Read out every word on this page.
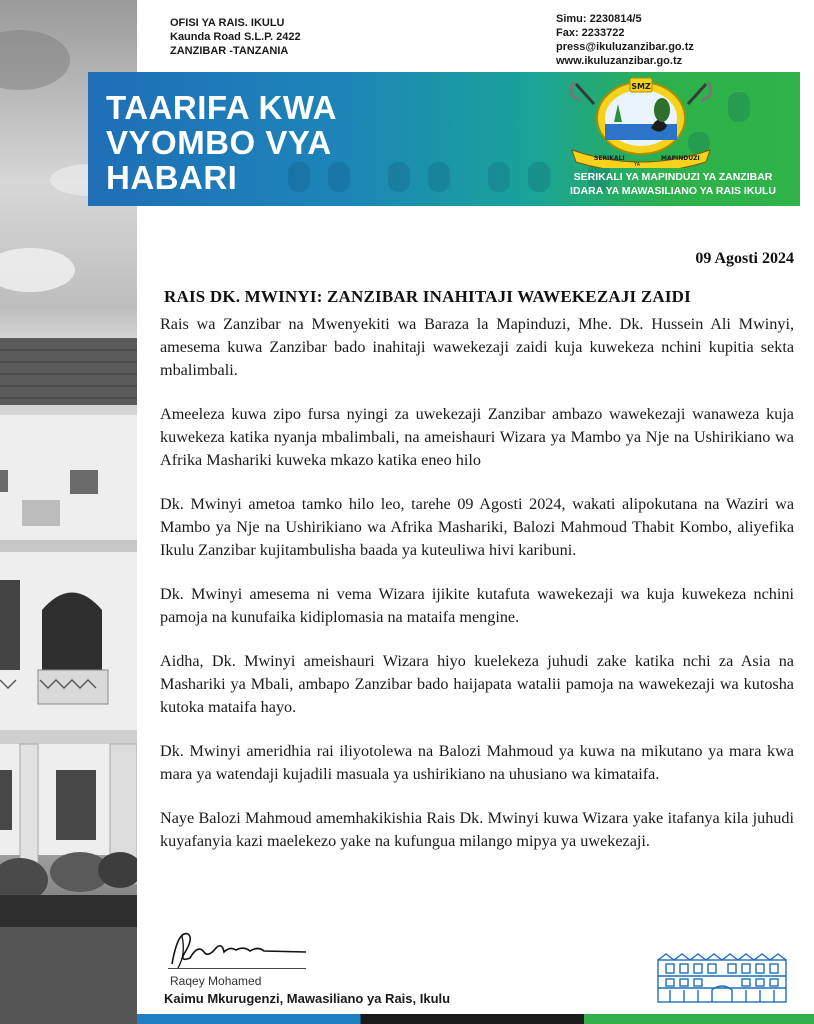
OFISI YA RAIS. IKULU
Kaunda Road S.L.P. 2422
ZANZIBAR -TANZANIA
Simu: 2230814/5
Fax: 2233722
press@ikuluzanzibar.go.tz
www.ikuluzanzibar.go.tz
TAARIFA KWA
VYOMBO VYA
HABARI
SMZ
SERIKALI
YA
MAPINDUZI
SERIKALI YA MAPINDUZI YA ZANZIBAR
IDARA YA MAWASILIANO YA RAIS IKULU
09 Agosti 2024
RAIS DK. MWINYI: ZANZIBAR INAHITAJI WAWEKEZAJI ZAIDI

Rais wa Zanzibar na Mwenyekiti wa Baraza la Mapinduzi, Mhe. Dk. Hussein Ali Mwinyi, amesema kuwa Zanzibar bado inahitaji wawekezaji zaidi kuja kuwekeza nchini kupitia sekta mbalimbali.

Ameeleza kuwa zipo fursa nyingi za uwekezaji Zanzibar ambazo wawekezaji wanaweza kuja kuwekeza katika nyanja mbalimbali, na ameishauri Wizara ya Mambo ya Nje na Ushirikiano wa Afrika Mashariki kuweka mkazo katika eneo hilo

Dk. Mwinyi ametoa tamko hilo leo, tarehe 09 Agosti 2024, wakati alipokutana na Waziri wa Mambo ya Nje na Ushirikiano wa Afrika Mashariki, Balozi Mahmoud Thabit Kombo, aliyefika Ikulu Zanzibar kujitambulisha baada ya kuteuliwa hivi karibuni.

Dk. Mwinyi amesema ni vema Wizara ijikite kutafuta wawekezaji wa kuja kuwekeza nchini pamoja na kunufaika kidiplomasia na mataifa mengine.

Aidha, Dk. Mwinyi ameishauri Wizara hiyo kuelekeza juhudi zake katika nchi za Asia na Mashariki ya Mbali, ambapo Zanzibar bado haijapata watalii pamoja na wawekezaji wa kutosha kutoka mataifa hayo.

Dk. Mwinyi ameridhia rai iliyotolewa na Balozi Mahmoud ya kuwa na mikutano ya mara kwa mara ya watendaji kujadili masuala ya ushirikiano na uhusiano wa kimataifa.

Naye Balozi Mahmoud amemhakikishia Rais Dk. Mwinyi kuwa Wizara yake itafanya kila juhudi kuyafanyia kazi maelekezo yake na kufungua milango mipya ya uwekezaji.

Raqey Mohamed
Kaimu Mkurugenzi, Mawasiliano ya Rais, Ikulu
